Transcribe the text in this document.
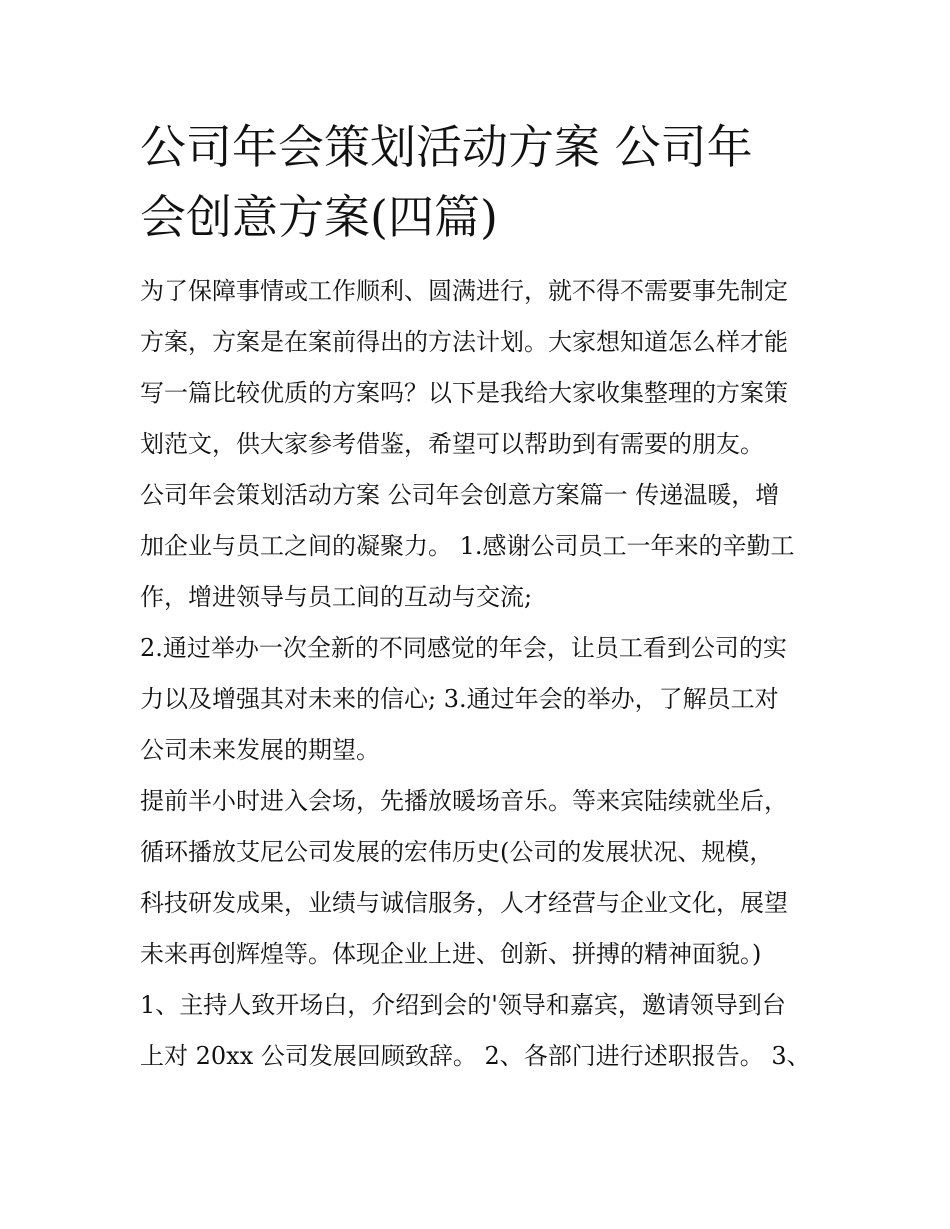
公司年会策划活动方案 公司年
会创意方案(四篇)
为了保障事情或工作顺利、圆满进行，就不得不需要事先制定
方案，方案是在案前得出的方法计划。大家想知道怎么样才能
写一篇比较优质的方案吗？以下是我给大家收集整理的方案策
划范文，供大家参考借鉴，希望可以帮助到有需要的朋友。
公司年会策划活动方案 公司年会创意方案篇一 传递温暖，增
加企业与员工之间的凝聚力。 1.感谢公司员工一年来的辛勤工
作，增进领导与员工间的互动与交流;
2.通过举办一次全新的不同感觉的年会，让员工看到公司的实
力以及增强其对未来的信心; 3.通过年会的举办，了解员工对
公司未来发展的期望。
提前半小时进入会场，先播放暖场音乐。等来宾陆续就坐后，
循环播放艾尼公司发展的宏伟历史(公司的发展状况、规模，
科技研发成果，业绩与诚信服务，人才经营与企业文化，展望
未来再创辉煌等。体现企业上进、创新、拼搏的精神面貌。)
1、主持人致开场白，介绍到会的'领导和嘉宾，邀请领导到台
上对 20xx 公司发展回顾致辞。 2、各部门进行述职报告。 3、
